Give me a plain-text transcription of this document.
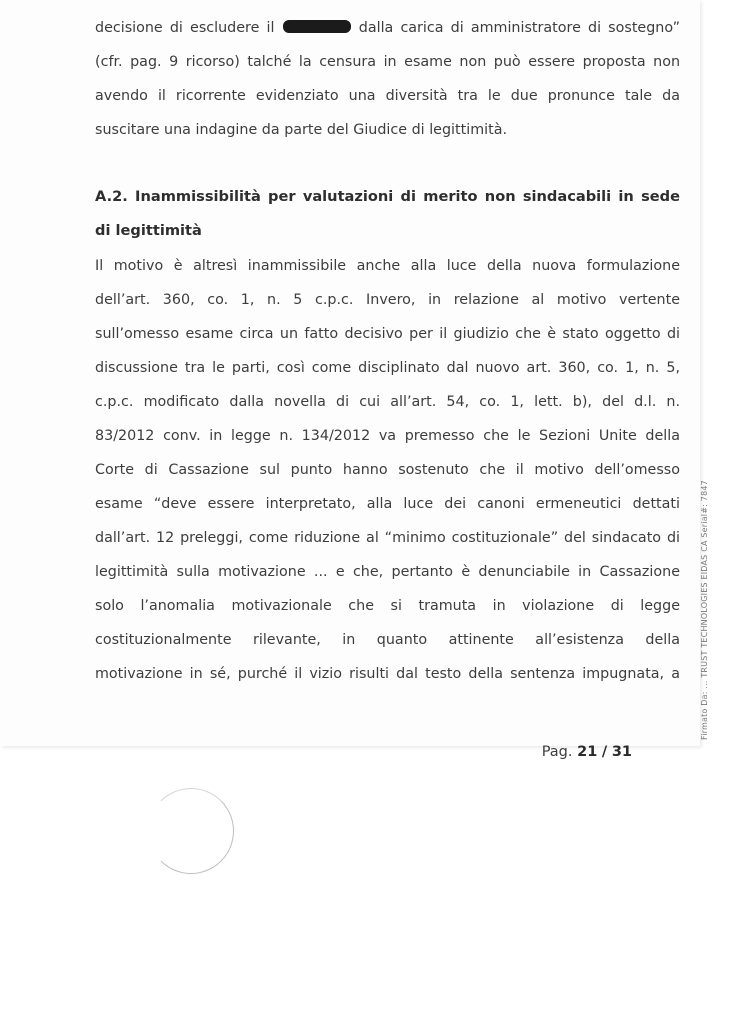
decisione di escludere il	dalla carica di amministratore di sostegno”
(cfr. pag. 9 ricorso) talché la censura in esame non può essere proposta non
avendo il ricorrente evidenziato una diversità tra le due pronunce tale da
suscitare una indagine da parte del Giudice di legittimità.
A.2. Inammissibilità per valutazioni di merito non sindacabili in sede
di legittimità
Il motivo è altresì inammissibile anche alla luce della nuova formulazione
dell’art. 360, co. 1, n. 5 c.p.c. Invero, in relazione al motivo vertente
sull’omesso esame circa un fatto decisivo per il giudizio che è stato oggetto di
discussione tra le parti, così come disciplinato dal nuovo art. 360, co. 1, n. 5,
c.p.c. modificato dalla novella di cui all’art. 54, co. 1, lett. b), del d.l. n.
83/2012 conv. in legge n. 134/2012 va premesso che le Sezioni Unite della
Corte di Cassazione sul punto hanno sostenuto che il motivo dell’omesso
esame “deve essere interpretato, alla luce dei canoni ermeneutici dettati
dall’art. 12 preleggi, come riduzione al “minimo costituzionale” del sindacato di
legittimità sulla motivazione ... e che, pertanto è denunciabile in Cassazione
solo l’anomalia motivazionale che si tramuta in violazione di legge
costituzionalmente rilevante, in quanto attinente all’esistenza della
motivazione in sé, purché il vizio risulti dal testo della sentenza impugnata, a
Pag. 21 / 31
Firmato Da: ... TRUST TECHNOLOGIES EIDAS CA Serial#: 7847
